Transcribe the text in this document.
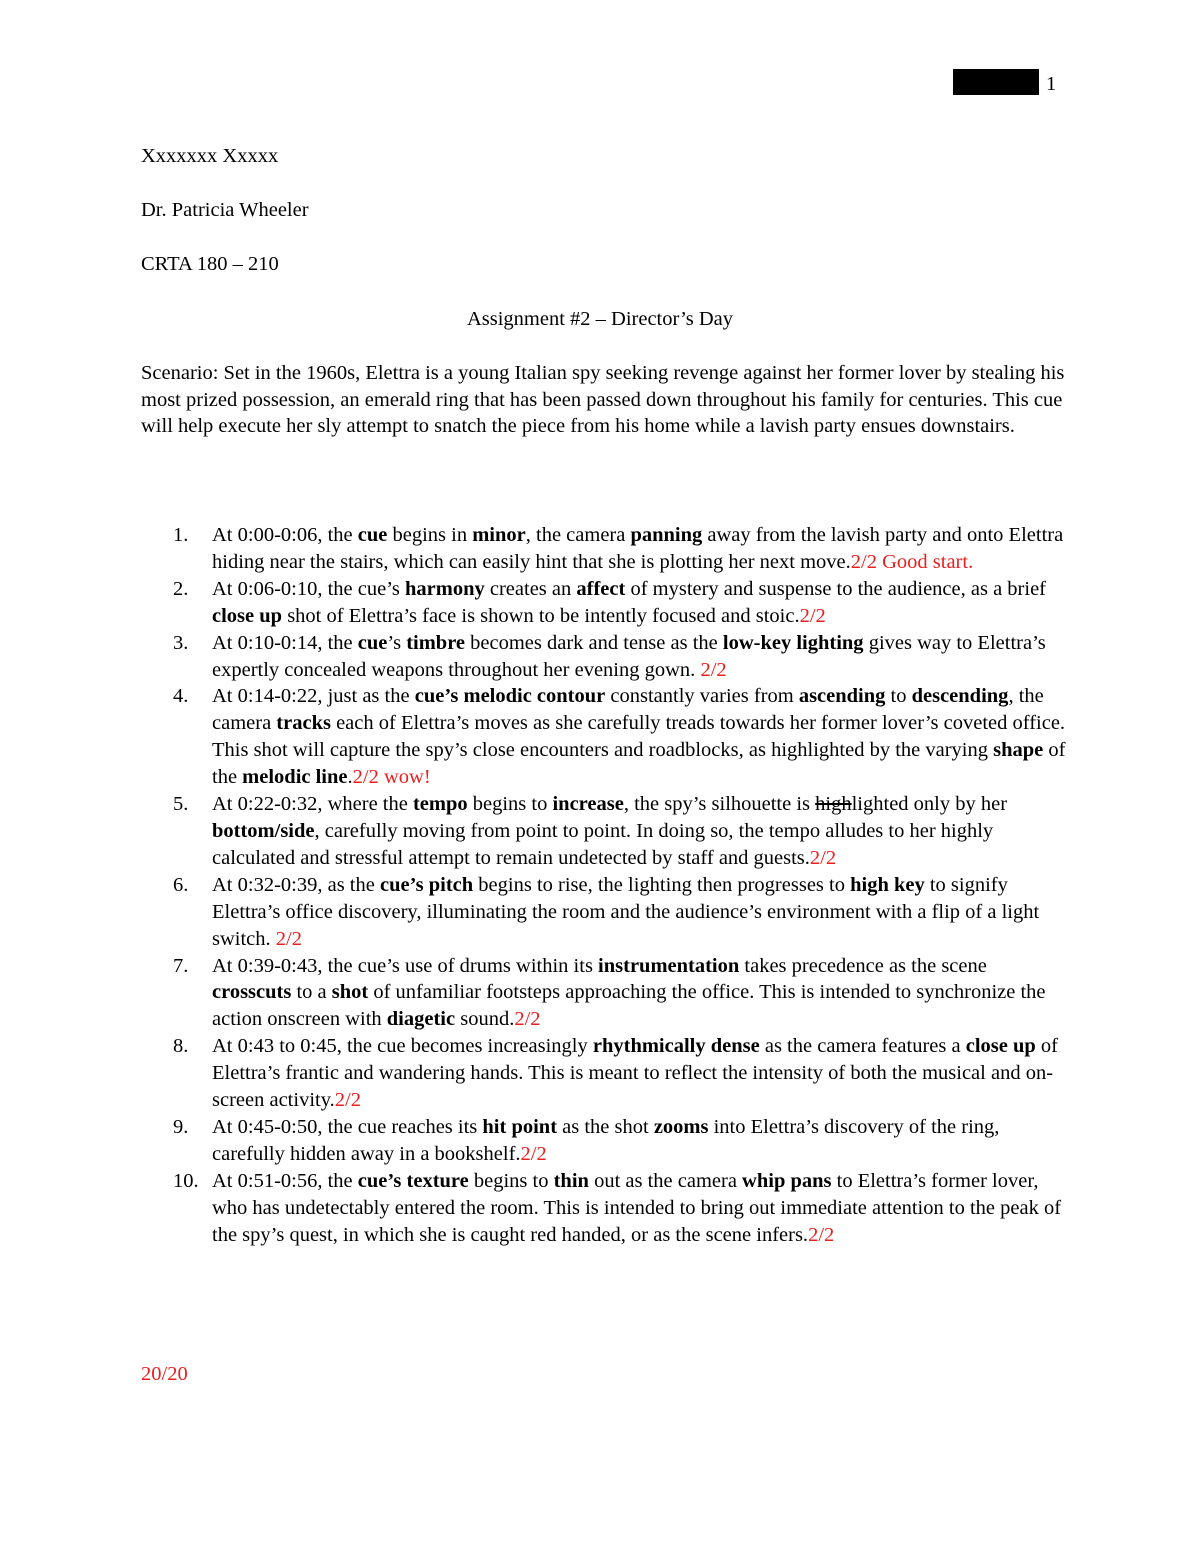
1
Xxxxxxx Xxxxx
Dr. Patricia Wheeler
CRTA 180 – 210
Assignment #2 – Director’s Day
Scenario: Set in the 1960s, Elettra is a young Italian spy seeking revenge against her former lover by stealing his most prized possession, an emerald ring that has been passed down throughout his family for centuries. This cue will help execute her sly attempt to snatch the piece from his home while a lavish party ensues downstairs.
1.	At 0:00-0:06, the cue begins in minor, the camera panning away from the lavish party and onto Elettra hiding near the stairs, which can easily hint that she is plotting her next move.2/2 Good start.
2.	At 0:06-0:10, the cue’s harmony creates an affect of mystery and suspense to the audience, as a brief close up shot of Elettra’s face is shown to be intently focused and stoic.2/2
3.	At 0:10-0:14, the cue’s timbre becomes dark and tense as the low-key lighting gives way to Elettra’s expertly concealed weapons throughout her evening gown. 2/2
4.	At 0:14-0:22, just as the cue’s melodic contour constantly varies from ascending to descending, the camera tracks each of Elettra’s moves as she carefully treads towards her former lover’s coveted office. This shot will capture the spy’s close encounters and roadblocks, as highlighted by the varying shape of the melodic line.2/2 wow!
5.	At 0:22-0:32, where the tempo begins to increase, the spy’s silhouette is highlighted only by her bottom/side, carefully moving from point to point. In doing so, the tempo alludes to her highly calculated and stressful attempt to remain undetected by staff and guests.2/2
6.	At 0:32-0:39, as the cue’s pitch begins to rise, the lighting then progresses to high key to signify Elettra’s office discovery, illuminating the room and the audience’s environment with a flip of a light switch. 2/2
7.	At 0:39-0:43, the cue’s use of drums within its instrumentation takes precedence as the scene crosscuts to a shot of unfamiliar footsteps approaching the office. This is intended to synchronize the action onscreen with diagetic sound.2/2
8.	At 0:43 to 0:45, the cue becomes increasingly rhythmically dense as the camera features a close up of Elettra’s frantic and wandering hands. This is meant to reflect the intensity of both the musical and on-screen activity.2/2
9.	At 0:45-0:50, the cue reaches its hit point as the shot zooms into Elettra’s discovery of the ring, carefully hidden away in a bookshelf.2/2
10. At 0:51-0:56, the cue’s texture begins to thin out as the camera whip pans to Elettra’s former lover, who has undetectably entered the room. This is intended to bring out immediate attention to the peak of the spy’s quest, in which she is caught red handed, or as the scene infers.2/2
20/20
